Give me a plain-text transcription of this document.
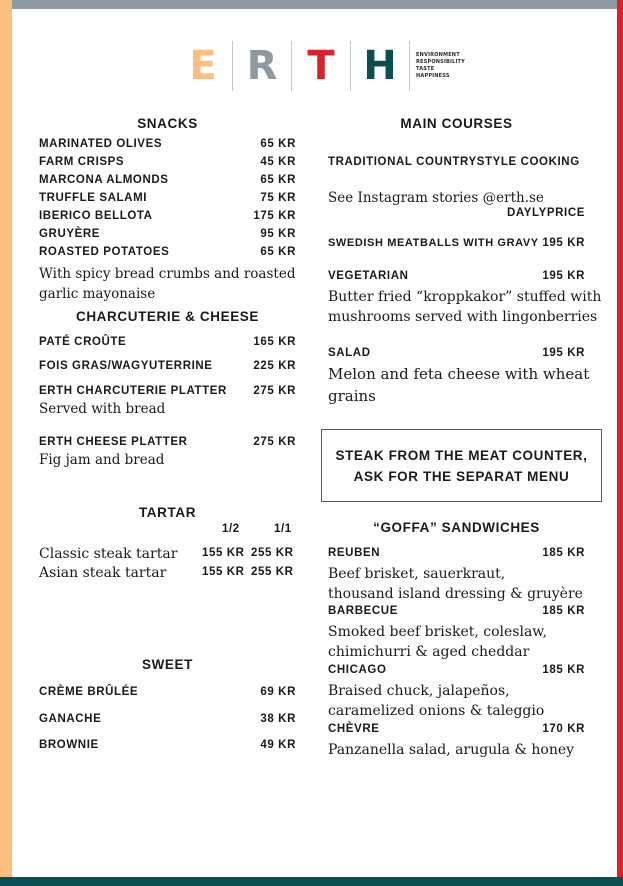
E R T H	ENVIRONMENT
RESPONSIBILITY
TASTE
HAPPINESS
SNACKS
MARINATED OLIVES	65 KR
FARM CRISPS	45 KR
MARCONA ALMONDS	65 KR
TRUFFLE SALAMI	75 KR
IBERICO BELLOTA	175 KR
GRUYÈRE	95 KR
ROASTED POTATOES	65 KR
With spicy bread crumbs and roasted
garlic mayonaise
CHARCUTERIE & CHEESE
PATÉ CROÛTE	165 KR
FOIS GRAS/WAGYUTERRINE	225 KR
ERTH CHARCUTERIE PLATTER 275 KR
Served with bread
ERTH CHEESE PLATTER	275 KR
Fig jam and bread
TARTAR
1/2	1/1
Classic steak tartar 155 KR 255 KR
Asian steak tartar	155 KR 255 KR
SWEET
CRÈME BRÛLÉE	69 KR
GANACHE	38 KR
BROWNIE	49 KR
MAIN COURSES
TRADITIONAL COUNTRYSTYLE COOKING
See Instagram stories @erth.se
DAYLYPRICE
SWEDISH MEATBALLS WITH GRAVY 195 KR
VEGETARIAN	195 KR
Butter fried “kroppkakor” stuffed with
mushrooms served with lingonberries
SALAD	195 KR
Melon and feta cheese with wheat
grains
STEAK FROM THE MEAT COUNTER,
ASK FOR THE SEPARAT MENU
“GOFFA” SANDWICHES
REUBEN	185 KR
Beef brisket, sauerkraut,
thousand island dressing & gruyère
BARBECUE	185 KR
Smoked beef brisket, coleslaw,
chimichurri & aged cheddar
CHICAGO	185 KR
Braised chuck, jalapeños,
caramelized onions & taleggio
CHÈVRE	170 KR
Panzanella salad, arugula & honey
